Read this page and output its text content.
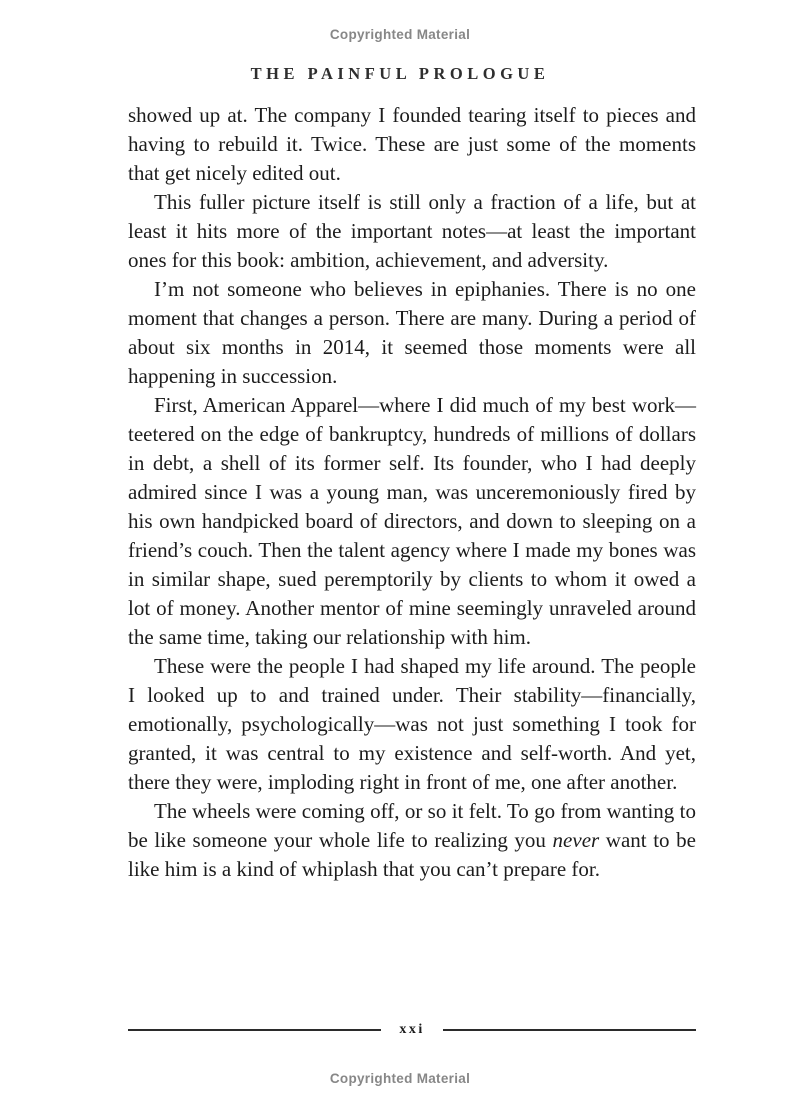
Copyrighted Material
THE PAINFUL PROLOGUE

showed up at. The company I founded tearing itself to pieces and having to rebuild it. Twice. These are just some of the moments that get nicely edited out.

This fuller picture itself is still only a fraction of a life, but at least it hits more of the important notes—at least the important ones for this book: ambition, achievement, and adversity.

I’m not someone who believes in epiphanies. There is no one moment that changes a person. There are many. During a period of about six months in 2014, it seemed those moments were all happening in succession.

First, American Apparel—where I did much of my best work—teetered on the edge of bankruptcy, hundreds of millions of dollars in debt, a shell of its former self. Its founder, who I had deeply admired since I was a young man, was unceremoniously fired by his own handpicked board of directors, and down to sleeping on a friend’s couch. Then the talent agency where I made my bones was in similar shape, sued peremptorily by clients to whom it owed a lot of money. Another mentor of mine seemingly unraveled around the same time, taking our relationship with him.

These were the people I had shaped my life around. The people I looked up to and trained under. Their stability—financially, emotionally, psychologically—was not just something I took for granted, it was central to my existence and self-worth. And yet, there they were, imploding right in front of me, one after another.

The wheels were coming off, or so it felt. To go from wanting to be like someone your whole life to realizing you never want to be like him is a kind of whiplash that you can’t prepare for.

xxi
Copyrighted Material
